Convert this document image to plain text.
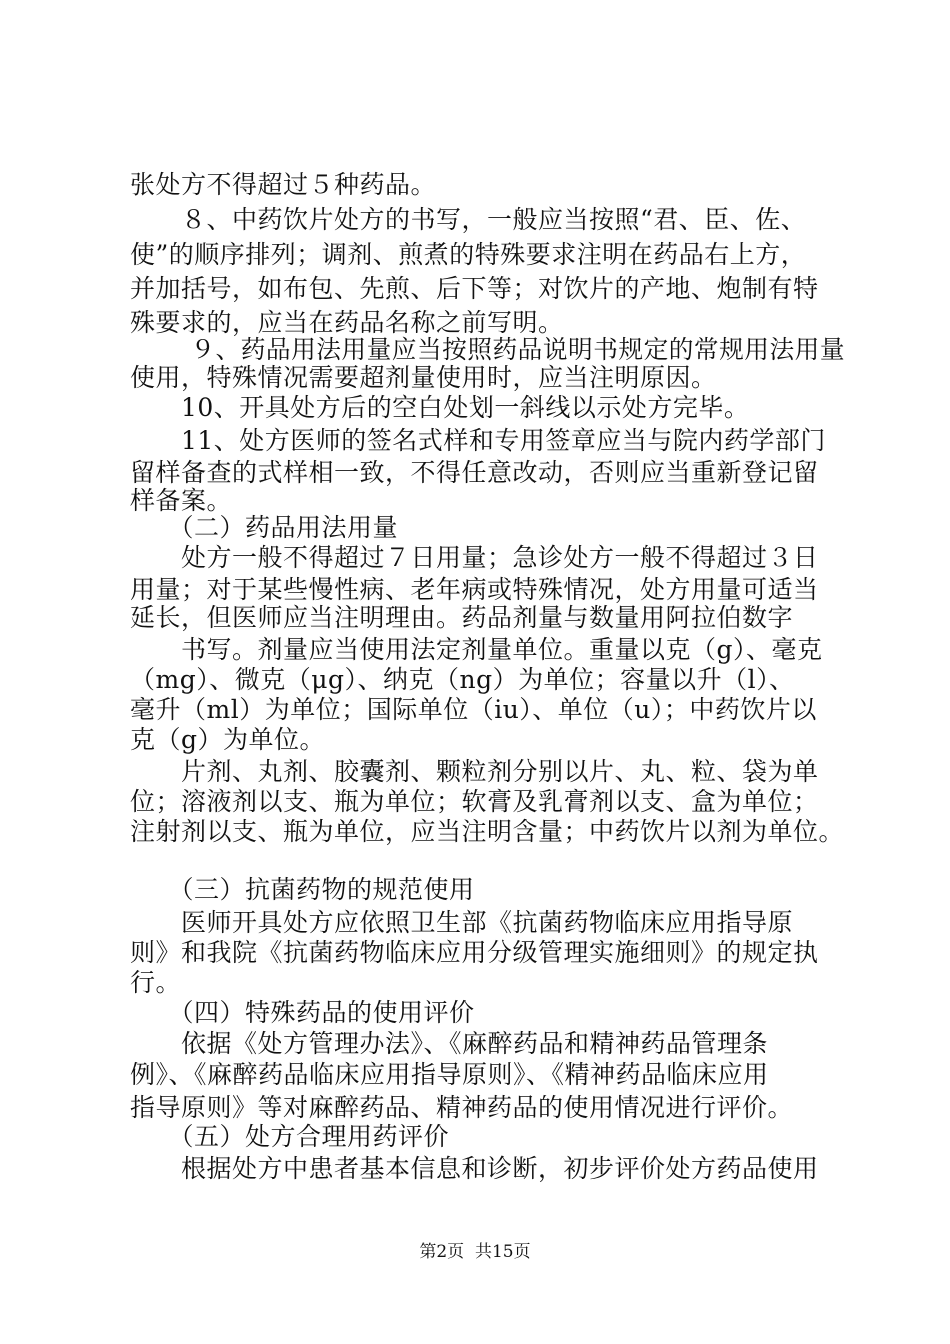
张处方不得超过５种药品。
　　８、中药饮片处方的书写，一般应当按照“君、臣、佐、
使”的顺序排列；调剂、煎煮的特殊要求注明在药品右上方，
并加括号，如布包、先煎、后下等；对饮片的产地、炮制有特
殊要求的，应当在药品名称之前写明。
　　９、药品用法用量应当按照药品说明书规定的常规用法用量
使用，特殊情况需要超剂量使用时，应当注明原因。
　　10、开具处方后的空白处划一斜线以示处方完毕。
　　11、处方医师的签名式样和专用签章应当与院内药学部门
留样备查的式样相一致，不得任意改动，否则应当重新登记留
样备案。
　　（二）药品用法用量
　　处方一般不得超过７日用量；急诊处方一般不得超过３日
用量；对于某些慢性病、老年病或特殊情况，处方用量可适当
延长，但医师应当注明理由。药品剂量与数量用阿拉伯数字
　　书写。剂量应当使用法定剂量单位。重量以克（g）、毫克
（mg）、微克（μg）、纳克（ng）为单位；容量以升（l）、
毫升（ml）为单位；国际单位（iu）、单位（u）；中药饮片以
克（g）为单位。
　　片剂、丸剂、胶囊剂、颗粒剂分别以片、丸、粒、袋为单
位；溶液剂以支、瓶为单位；软膏及乳膏剂以支、盒为单位；
注射剂以支、瓶为单位，应当注明含量；中药饮片以剂为单位。
　　（三）抗菌药物的规范使用
　　医师开具处方应依照卫生部《抗菌药物临床应用指导原
则》和我院《抗菌药物临床应用分级管理实施细则》的规定执
行。
　　（四）特殊药品的使用评价
　　依据《处方管理办法》、《麻醉药品和精神药品管理条
例》、《麻醉药品临床应用指导原则》、《精神药品临床应用
指导原则》等对麻醉药品、精神药品的使用情况进行评价。
　　（五）处方合理用药评价
　　根据处方中患者基本信息和诊断，初步评价处方药品使用
第2页  共15页
